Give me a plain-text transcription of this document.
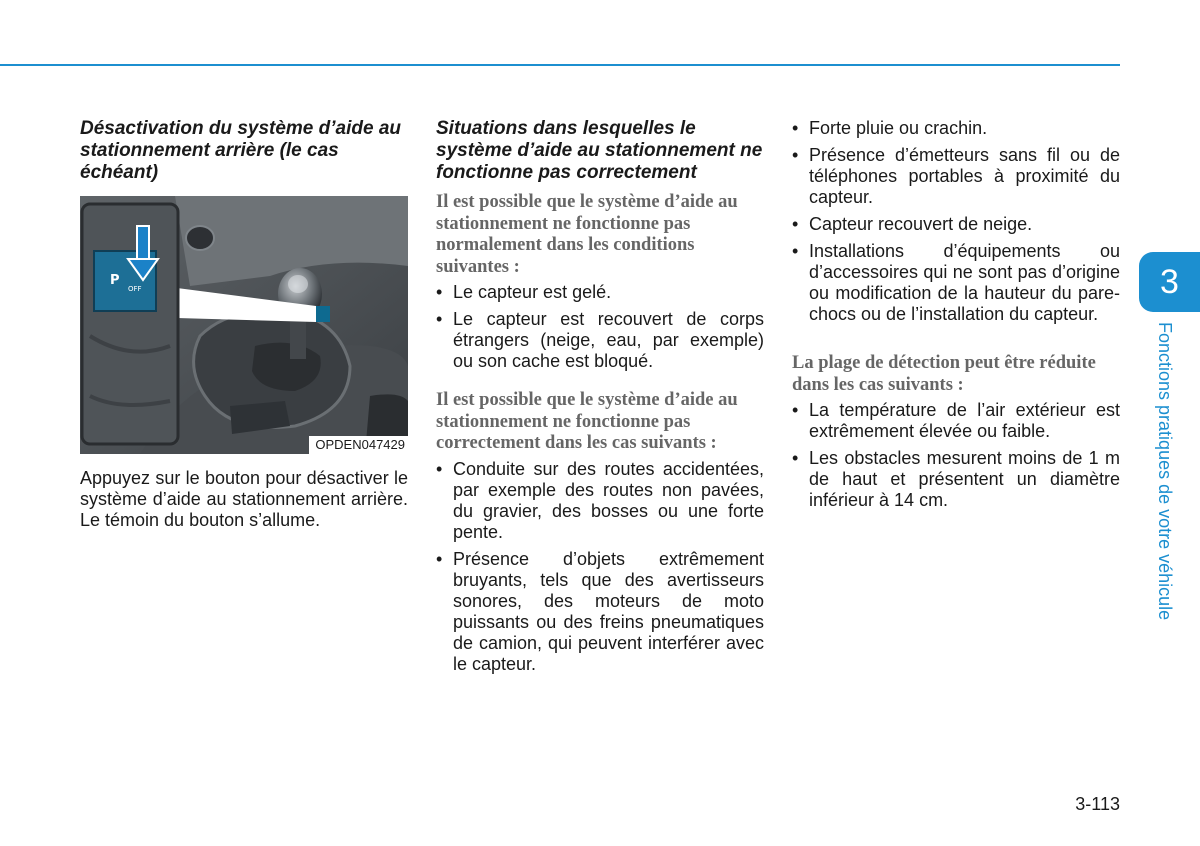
Désactivation du système d’aide au stationnement arrière (le cas échéant)
P
OFF
OPDEN047429

Appuyez sur le bouton pour désactiver le système d’aide au stationnement arrière. Le témoin du bouton s’allume.

Situations dans lesquelles le système d’aide au stationnement ne fonctionne pas correctement

Il est possible que le système d’aide au stationnement ne fonctionne pas normalement dans les conditions suivantes :

• Le capteur est gelé.
• Le capteur est recouvert de corps étrangers (neige, eau, par exemple) ou son cache est bloqué.

Il est possible que le système d’aide au stationnement ne fonctionne pas correctement dans les cas suivants :

• Conduite sur des routes accidentées, par exemple des routes non pavées, du gravier, des bosses ou une forte pente.
• Présence d’objets extrêmement bruyants, tels que des avertisseurs sonores, des moteurs de moto puissants ou des freins pneumatiques de camion, qui peuvent interférer avec le capteur.
• Forte pluie ou crachin.
• Présence d’émetteurs sans fil ou de téléphones portables à proximité du capteur.
• Capteur recouvert de neige.
• Installations d’équipements ou d’accessoires qui ne sont pas d’origine ou modification de la hauteur du pare-chocs ou de l’installation du capteur.

La plage de détection peut être réduite dans les cas suivants :

• La température de l’air extérieur est extrêmement élevée ou faible.
• Les obstacles mesurent moins de 1 m de haut et présentent un diamètre inférieur à 14 cm.
3
Fonctions pratiques de votre véhicule
3-113
